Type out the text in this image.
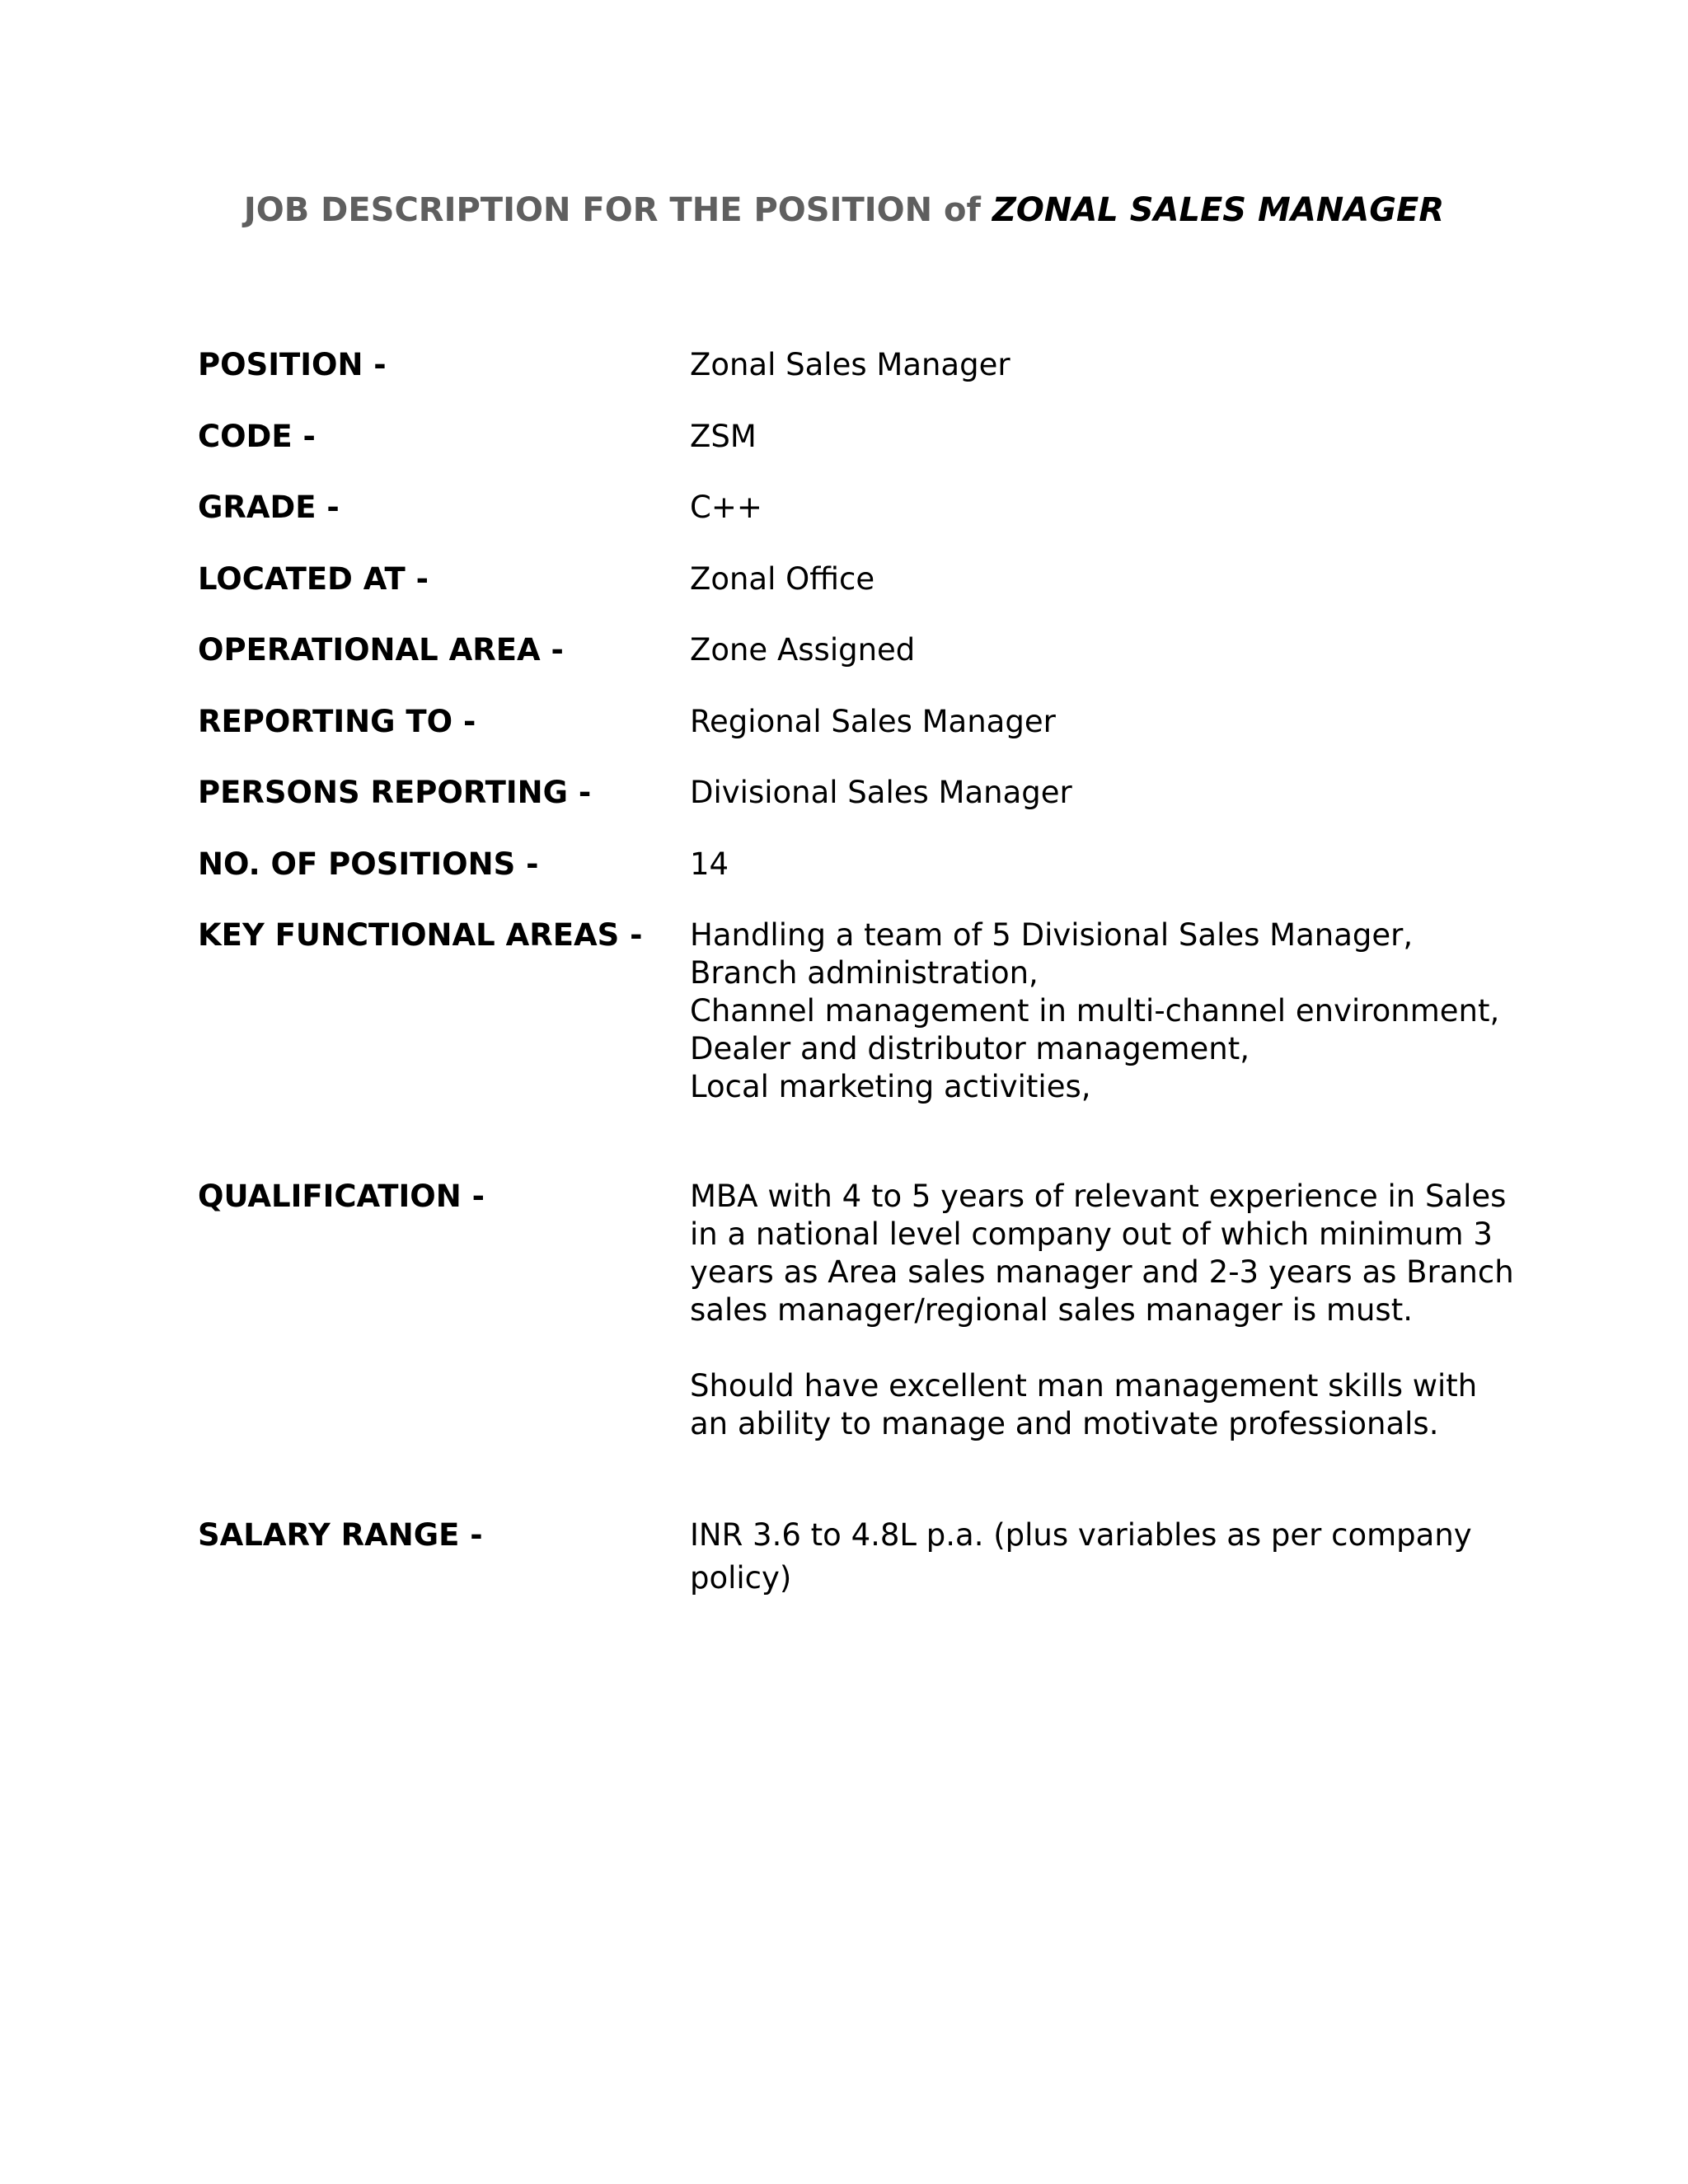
JOB DESCRIPTION FOR THE POSITION of ZONAL SALES MANAGER
POSITION -	Zonal Sales Manager
CODE -	ZSM
GRADE -	C++
LOCATED AT -	Zonal Office
OPERATIONAL AREA -	Zone Assigned
REPORTING TO -	Regional Sales Manager
PERSONS REPORTING -	Divisional Sales Manager
NO. OF POSITIONS -	14
KEY FUNCTIONAL AREAS - Handling a team of 5 Divisional Sales Manager,
Branch administration,
Channel management in multi-channel environment,
Dealer and distributor management,
Local marketing activities,
QUALIFICATION -	MBA with 4 to 5 years of relevant experience in Sales in a national level company out of which minimum 3 years as Area sales manager and 2-3 years as Branch sales manager/regional sales manager is must.
Should have excellent man management skills with an ability to manage and motivate professionals.
SALARY RANGE -	INR 3.6 to 4.8L p.a. (plus variables as per company policy)
